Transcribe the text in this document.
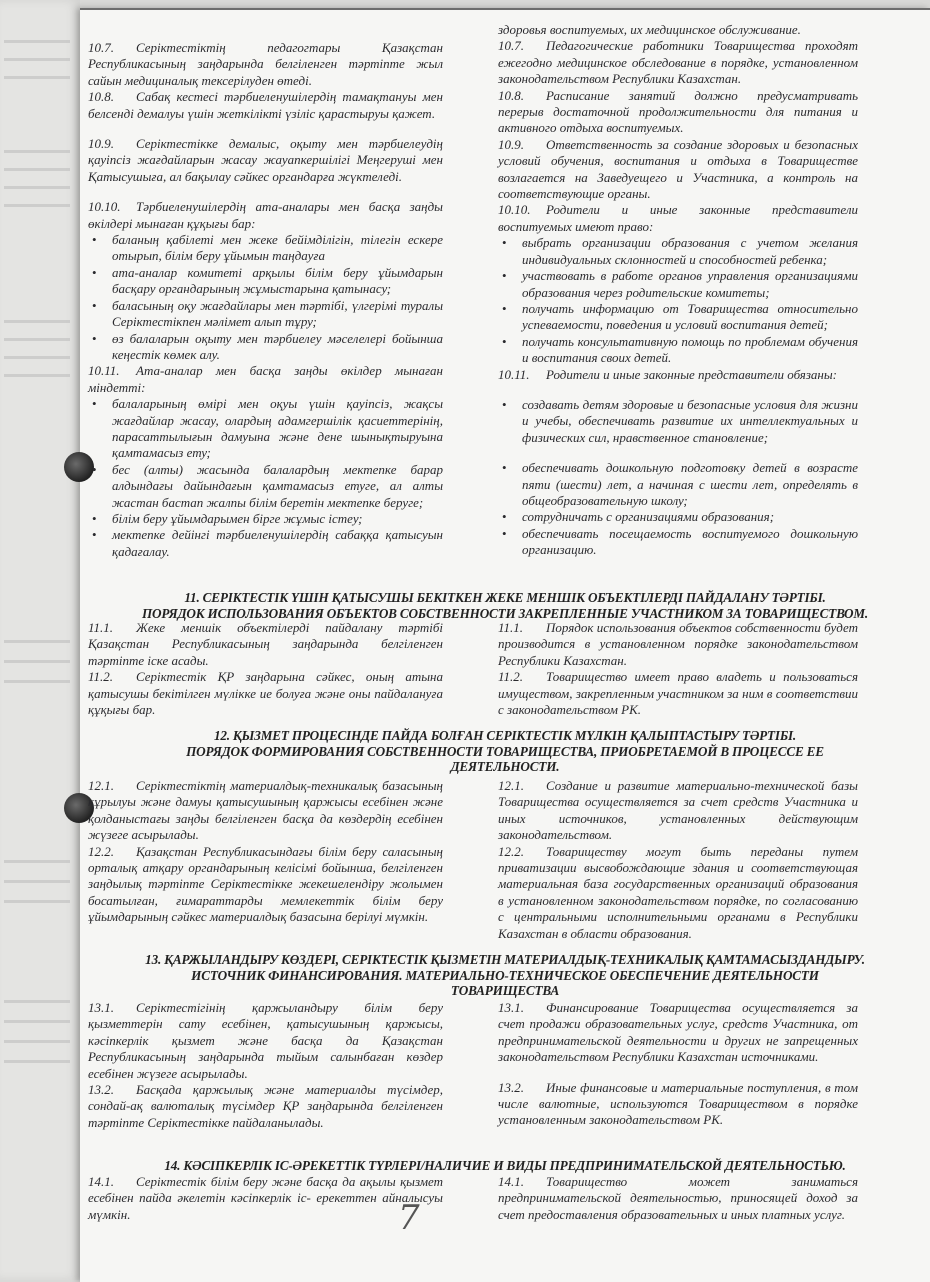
10.7. Серіктестіктің педагогтары Қазақстан Республикасының заңдарында белгіленген тәртіпте жыл сайын медициналық тексерілуден өтеді.

10.8. Сабақ кестесі тәрбиеленушілердің тамақтануы мен белсенді демалуы үшін жеткілікті үзіліс қарастыруы қажет.

10.9. Серіктестікке демалыс, оқыту мен тәрбиелеудің қауіпсіз жағдайларын жасау жауапкершілігі Меңгеруші мен Қатысушыға, ал бақылау сәйкес органдарға жүктеледі.

10.10. Тәрбиеленушілердің ата-аналары мен басқа заңды өкілдері мынаған құқығы бар:

• баланың қабілеті мен жеке бейімділігін, тілегін ескере отырып, білім беру ұйымын таңдауға
• ата-аналар комитеті арқылы білім беру ұйымдарын басқару органдарының жұмыстарына қатынасу;
• баласының оқу жағдайлары мен тәртібі, үлгерімі туралы Серіктестікпен мәлімет алып тұру;
• өз балаларын оқыту мен тәрбиелеу мәселелері бойынша кеңестік көмек алу.

10.11. Ата-аналар мен басқа заңды өкілдер мынаған міндетті:

• балаларының өмірі мен оқуы үшін қауіпсіз, жақсы жағдайлар жасау, олардың адамгершілік қасиеттерінің, парасаттылығын дамуына және дене шынықтыруына қамтамасыз ету;
• бес (алты) жасында балалардың мектепке барар алдындағы дайындағын қамтамасыз етуге, ал алты жастан бастап жалпы білім беретін мектепке беруге;
• білім беру ұйымдарымен бірге жұмыс істеу;
• мектепке дейінгі тәрбиеленушілердің сабаққа қатысуын қадағалау.

здоровья воспитуемых, их медицинское обслуживание.

10.7. Педагогические работники Товарищества проходят ежегодно медицинское обследование в порядке, установленном законодательством Республики Казахстан.

10.8. Расписание занятий должно предусматривать перерыв достаточной продолжительности для питания и активного отдыха воспитуемых.

10.9. Ответственность за создание здоровых и безопасных условий обучения, воспитания и отдыха в Товариществе возлагается на Заведуещего и Участника, а контроль на соответствующие органы.

10.10. Родители и иные законные представители воспитуемых имеют право:

• выбрать организации образования с учетом желания индивидуальных склонностей и способностей ребенка;
• участвовать в работе органов управления организациями образования через родительские комитеты;
• получать информацию от Товарищества относительно успеваемости, поведения и условий воспитания детей;
• получать консультативную помощь по проблемам обучения и воспитания своих детей.

10.11. Родители и иные законные представители обязаны:

• создавать детям здоровые и безопасные условия для жизни и учебы, обеспечивать развитие их интеллектуальных и физических сил, нравственное становление;
• обеспечивать дошкольную подготовку детей в возрасте пяти (шести) лет, а начиная с шести лет, определять в общеобразовательную школу;
• сотрудничать с организациями образования;
• обеспечивать посещаемость воспитуемого дошкольную организацию.
11. СЕРІКТЕСТІК ҮШІН ҚАТЫСУШЫ БЕКІТКЕН ЖЕКЕ МЕНШІК ОБЪЕКТІЛЕРДІ ПАЙДАЛАНУ ТӘРТІБІ.
ПОРЯДОК ИСПОЛЬЗОВАНИЯ ОБЪЕКТОВ СОБСТВЕННОСТИ ЗАКРЕПЛЕННЫЕ УЧАСТНИКОМ ЗА ТОВАРИЩЕСТВОМ.

11.1. Жеке меншік объектілерді пайдалану тәртібі Қазақстан Республикасының заңдарында белгіленген тәртіпте іске асады.

11.2. Серіктестік ҚР заңдарына сәйкес, оның атына қатысушы бекітілген мүлікке ие болуға және оны пайдалануға құқығы бар.

11.1. Порядок использования объектов собственности будет производится в установленном порядке законодательством Республики Казахстан.

11.2. Товарищество имеет право владеть и пользоваться имуществом, закрепленным участником за ним в соответствии с законодательством РК.

12. ҚЫЗМЕТ ПРОЦЕСІНДЕ ПАЙДА БОЛҒАН СЕРІКТЕСТІК МҮЛКІН ҚАЛЫПТАСТЫРУ ТӘРТІБІ.
ПОРЯДОК ФОРМИРОВАНИЯ СОБСТВЕННОСТИ ТОВАРИЩЕСТВА, ПРИОБРЕТАЕМОЙ В ПРОЦЕССЕ ЕЕ
ДЕЯТЕЛЬНОСТИ.

12.1. Серіктестіктің материалдық-техникалық базасының құрылуы және дамуы қатысушының қаржысы есебінен және қолданыстағы заңды белгіленген басқа да көздердің есебінен жүзеге асырылады.

12.2. Қазақстан Республикасындағы білім беру саласының орталық атқару органдарының келісімі бойынша, белгіленген заңдылық тәртіпте Серіктестікке жекешелендіру жолымен босатылған, ғимараттарды мемлекеттік білім беру ұйымдарының сәйкес материалдық базасына берілуі мүмкін.

12.1. Создание и развитие материально-технической базы Товарищества осуществляется за счет средств Участника и иных источников, установленных действующим законодательством.

12.2. Товариществу могут быть переданы путем приватизации высвобождающие здания и соответствующая материальная база государственных организаций образования в установленном законодательством порядке, по согласованию с центральными исполнительными органами в Республики Казахстан в области образования.

13. ҚАРЖЫЛАНДЫРУ КӨЗДЕРІ, СЕРІКТЕСТІК ҚЫЗМЕТІН МАТЕРИАЛДЫҚ-ТЕХНИКАЛЫҚ ҚАМТАМАСЫЗДАНДЫРУ.
ИСТОЧНИК ФИНАНСИРОВАНИЯ. МАТЕРИАЛЬНО-ТЕХНИЧЕСКОЕ ОБЕСПЕЧЕНИЕ ДЕЯТЕЛЬНОСТИ
ТОВАРИЩЕСТВА

13.1. Серіктестігінің қаржыландыру білім беру қызметтерін сату есебінен, қатысушының қаржысы, кәсіпкерлік қызмет және басқа да Қазақстан Республикасының заңдарында тыйым салынбаған көздер есебінен жүзеге асырылады.

13.2. Басқада қаржылық және материалды түсімдер, сондай-ақ валюталық түсімдер ҚР заңдарында белгіленген тәртіпте Серіктестікке пайдаланылады.

13.1. Финансирование Товарищества осуществляется за счет продажи образовательных услуг, средств Участника, от предпринимательской деятельности и других не запрещенных законодательством Республики Казахстан источниками.

13.2. Иные финансовые и материальные поступления, в том числе валютные, используются Товариществом в порядке установленным законодательством РК.

14. КӘСІПКЕРЛІК ІС-ӘРЕКЕТТІК ТҮРЛЕРІ/НАЛИЧИЕ И ВИДЫ ПРЕДПРИНИМАТЕЛЬСКОЙ ДЕЯТЕЛЬНОСТЬЮ.

14.1. Серіктестік білім беру және басқа да ақылы қызмет есебінен пайда әкелетін кәсіпкерлік іс- ерекеттен айналысуы мүмкін.

14.1. Товарищество может заниматься предпринимательской деятельностью, приносящей доход за счет предоставления образовательных и иных платных услуг.

7
